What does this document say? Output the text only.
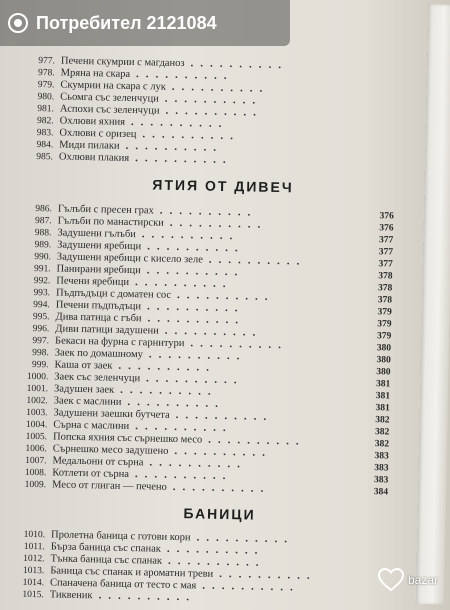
977. Печени скумрии с магданоз ..........
978. Мряна на скара ..........
979. Скумрии на скара с лук ..........
980. Сьомга със зеленчуци ..........
981. Аспохи със зеленчуци ..........
982. Охлюви яхния ..........
983. Охлюви с оризец ..........
984. Миди пилаки ..........
985. Охлюви плакия ..........
ЯТИЯ ОТ ДИВЕЧ
986. Гълъби с пресен грах ..........	376
987. Гълъби по манастирски ..........	376
988. Задушени гълъби ..........	377
989. Задушени яребици ..........	377
990. Задушени яребици с кисело зеле ..........	377
991. Панирани яребици ..........	378
992. Печени яребици ..........	378
993. Пъдпъдъци с доматен сос ..........	378
994. Печени пъдпъдъци ..........	379
995. Дива патица с гъби ..........	379
996. Диви патици задушени ..........	379
997. Бекаси на фурна с гарнитури ..........	380
998. Заек по домашному ..........	380
999. Каша от заек ..........	380
1000. Заек със зеленчуци ..........	381
1001. Задушен заек ..........	381
1002. Заек с маслини ..........	381
1003. Задушени заешки бутчета ..........	382
1004. Сърна с маслини ..........	382
1005. Попска яхния със сърнешко месо ..........	382
1006. Сърнешко месо задушено ..........	383
1007. Медальони от сърна ..........	383
1008. Котлети от сърна ..........	383
1009. Месо от глиган — печено ..........	384
БАНИЦИ
1010. Пролетна баница с готови кори ..........
1011. Бърза баница със спанак ..........
1012. Тънка баница със спанак ..........
1013. Баница със спанак и ароматни треви ..........
1014. Спаначена баница от тесто с мая ..........
1015. Тиквеник ..........
Потребител 2121084
bazar
